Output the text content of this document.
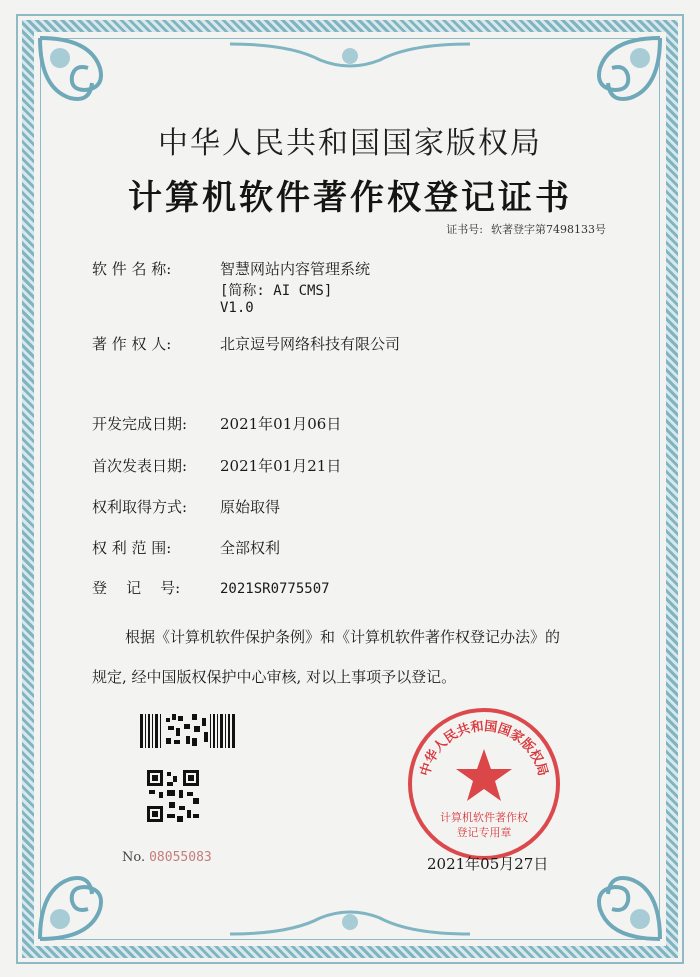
中华人民共和国国家版权局
计算机软件著作权登记证书
证书号: 软著登字第7498133号
软 件 名 称:	智慧网站内容管理系统
[简称: AI CMS]
V1.0
著 作 权 人:	北京逗号网络科技有限公司
开发完成日期: 2021年01月06日
首次发表日期: 2021年01月21日
权利取得方式: 原始取得
权 利 范 围:	全部权利
登    记    号:	2021SR0775507
根据《计算机软件保护条例》和《计算机软件著作权登记办法》的
规定, 经中国版权保护中心审核, 对以上事项予以登记。
No. 08055083
中华人民共和国国家版权局
计算机软件著作权
登记专用章
2021年05月27日
